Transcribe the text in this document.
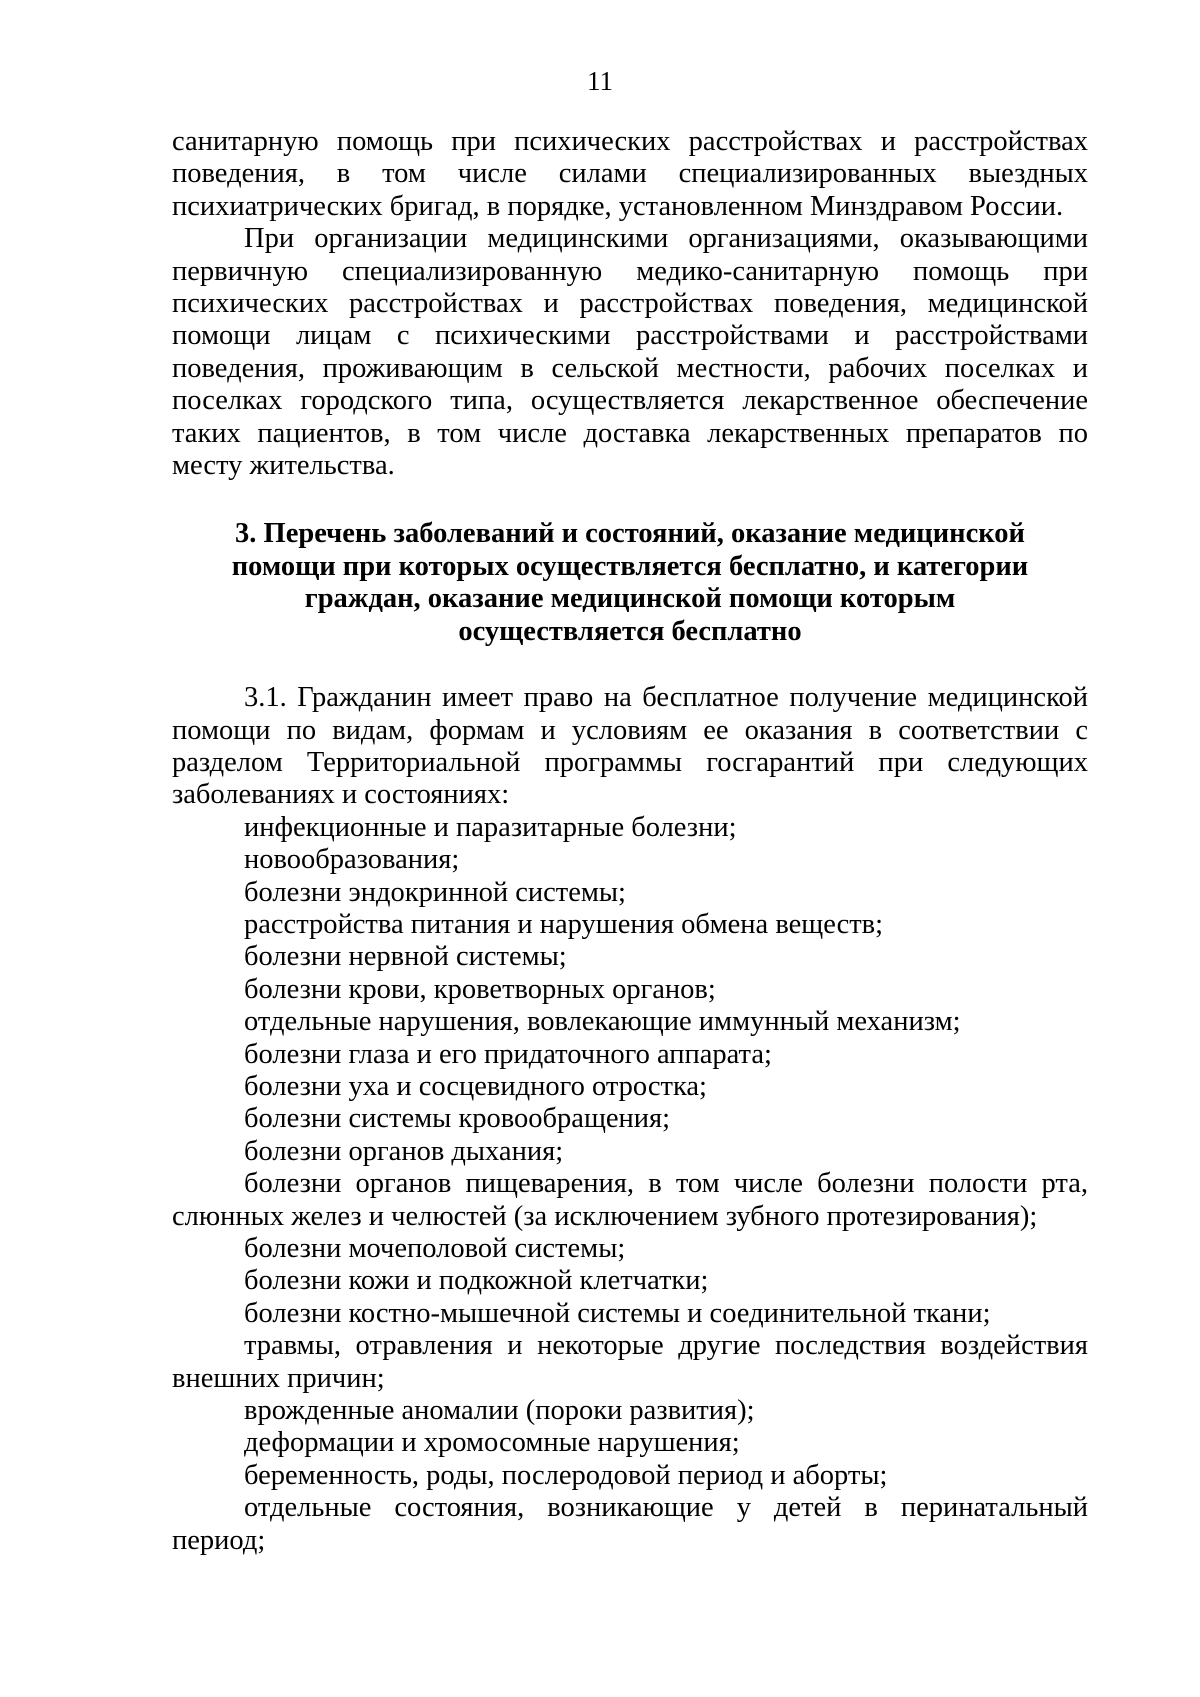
11

санитарную помощь при психических расстройствах и расстройствах поведения, в том числе силами специализированных выездных психиатрических бригад, в порядке, установленном Минздравом России.

При организации медицинскими организациями, оказывающими первичную специализированную медико-санитарную помощь при психических расстройствах и расстройствах поведения, медицинской помощи лицам с психическими расстройствами и расстройствами поведения, проживающим в сельской местности, рабочих поселках и поселках городского типа, осуществляется лекарственное обеспечение таких пациентов, в том числе доставка лекарственных препаратов по месту жительства.

3. Перечень заболеваний и состояний, оказание медицинской
помощи при которых осуществляется бесплатно, и категории
граждан, оказание медицинской помощи которым
осуществляется бесплатно

3.1. Гражданин имеет право на бесплатное получение медицинской помощи по видам, формам и условиям ее оказания в соответствии с разделом Территориальной программы госгарантий при следующих заболеваниях и состояниях:

инфекционные и паразитарные болезни;

новообразования;

болезни эндокринной системы;

расстройства питания и нарушения обмена веществ;

болезни нервной системы;

болезни крови, кроветворных органов;

отдельные нарушения, вовлекающие иммунный механизм;

болезни глаза и его придаточного аппарата;

болезни уха и сосцевидного отростка;

болезни системы кровообращения;

болезни органов дыхания;

болезни органов пищеварения, в том числе болезни полости рта, слюнных желез и челюстей (за исключением зубного протезирования);

болезни мочеполовой системы;

болезни кожи и подкожной клетчатки;

болезни костно-мышечной системы и соединительной ткани;

травмы, отравления и некоторые другие последствия воздействия внешних причин;

врожденные аномалии (пороки развития);

деформации и хромосомные нарушения;

беременность, роды, послеродовой период и аборты;

отдельные состояния, возникающие у детей в перинатальный период;
